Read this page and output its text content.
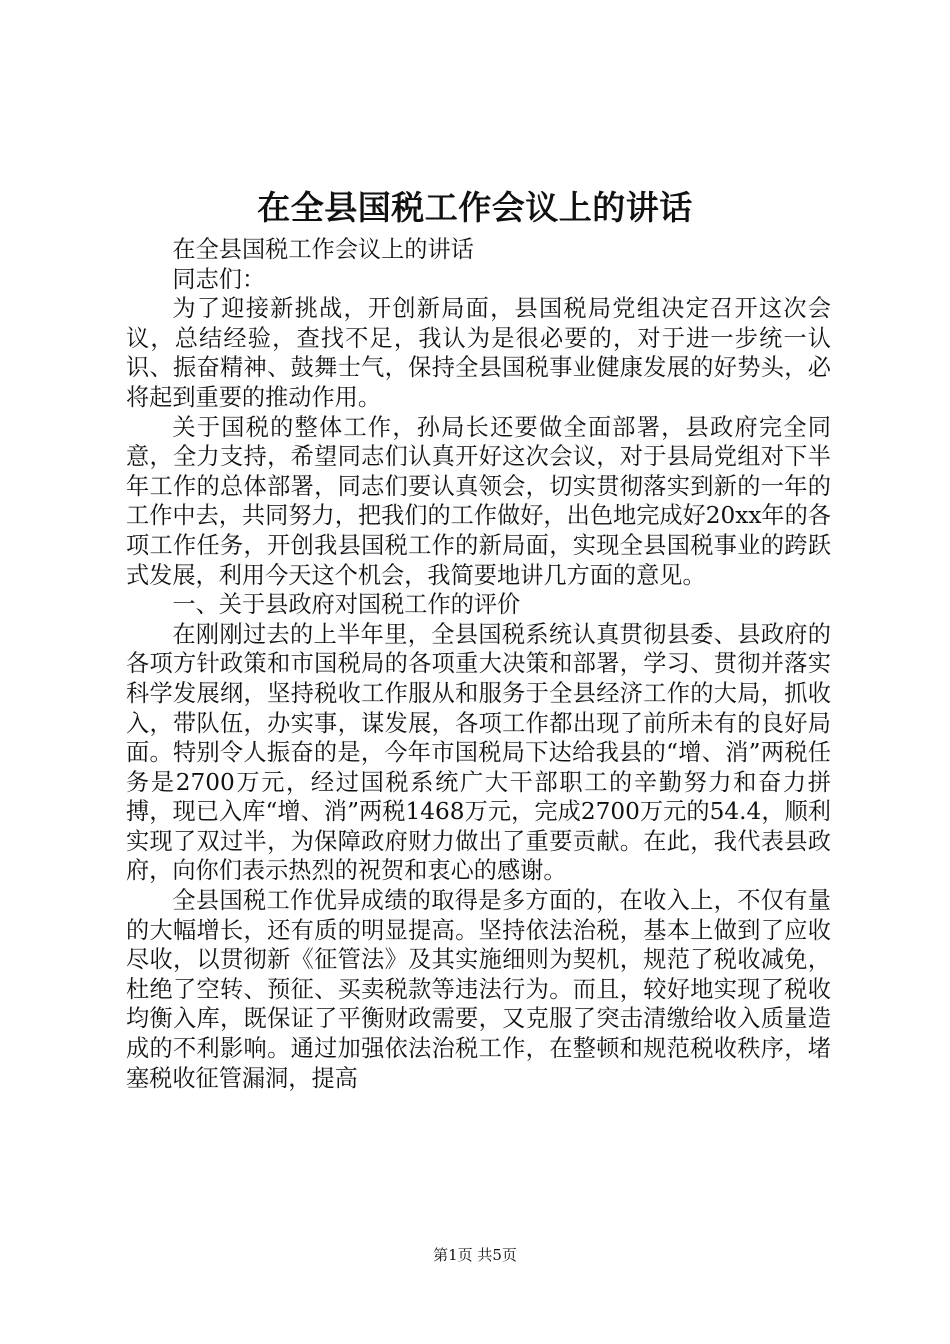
在全县国税工作会议上的讲话

在全县国税工作会议上的讲话

同志们：

为了迎接新挑战，开创新局面，县国税局党组决定召开这次会议，总结经验，查找不足，我认为是很必要的，对于进一步统一认识、振奋精神、鼓舞士气，保持全县国税事业健康发展的好势头，必将起到重要的推动作用。

关于国税的整体工作，孙局长还要做全面部署，县政府完全同意，全力支持，希望同志们认真开好这次会议，对于县局党组对下半年工作的总体部署，同志们要认真领会，切实贯彻落实到新的一年的工作中去，共同努力，把我们的工作做好，出色地完成好20xx年的各项工作任务，开创我县国税工作的新局面，实现全县国税事业的跨跃式发展，利用今天这个机会，我简要地讲几方面的意见。

一、关于县政府对国税工作的评价

在刚刚过去的上半年里，全县国税系统认真贯彻县委、县政府的各项方针政策和市国税局的各项重大决策和部署，学习、贯彻并落实科学发展纲，坚持税收工作服从和服务于全县经济工作的大局，抓收入，带队伍，办实事，谋发展，各项工作都出现了前所未有的良好局面。特别令人振奋的是，今年市国税局下达给我县的“增、消”两税任务是2700万元，经过国税系统广大干部职工的辛勤努力和奋力拼搏，现已入库“增、消”两税1468万元，完成2700万元的54.4，顺利实现了双过半，为保障政府财力做出了重要贡献。在此，我代表县政府，向你们表示热烈的祝贺和衷心的感谢。

全县国税工作优异成绩的取得是多方面的，在收入上，不仅有量的大幅增长，还有质的明显提高。坚持依法治税，基本上做到了应收尽收，以贯彻新《征管法》及其实施细则为契机，规范了税收减免，杜绝了空转、预征、买卖税款等违法行为。而且，较好地实现了税收均衡入库，既保证了平衡财政需要，又克服了突击清缴给收入质量造成的不利影响。通过加强依法治税工作，在整顿和规范税收秩序，堵塞税收征管漏洞，提高

第1页 共5页
